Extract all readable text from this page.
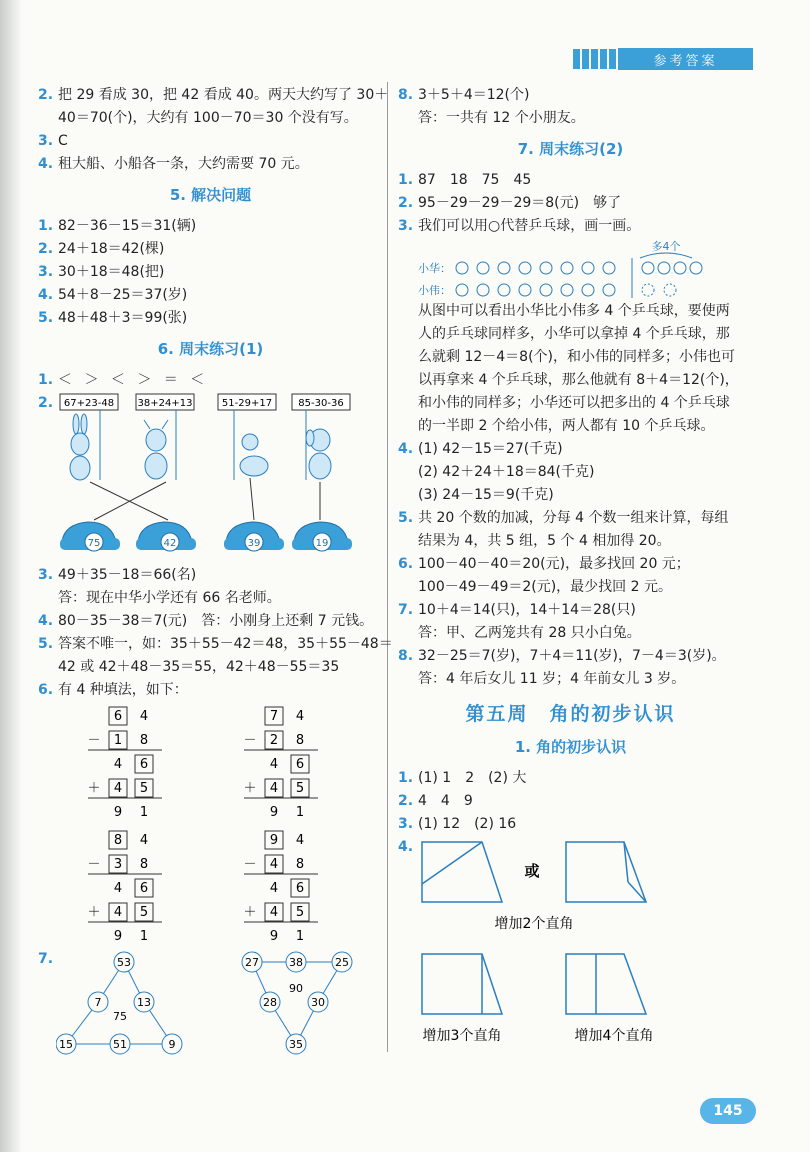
参考答案
2. 把 29 看成 30，把 42 看成 40。两天大约写了 30＋
40＝70(个)，大约有 100－70＝30 个没有写。
3. C
4. 租大船、小船各一条，大约需要 70 元。
5. 解决问题
1. 82－36－15＝31(辆)
2. 24＋18＝42(棵)
3. 30＋18＝48(把)
4. 54＋8－25＝37(岁)
5. 48＋48＋3＝99(张)
6. 周末练习(1)
1. ＜ ＞ ＜ ＞ ＝ ＜
2. 67+23-48 38+24+13	51-29+17	85-30-36
75	42	39	19
3. 49＋35－18＝66(名)
答：现在中华小学还有 66 名老师。
4. 80－35－38＝7(元)　答：小刚身上还剩 7 元钱。
5. 答案不唯一，如：35＋55－42＝48，35＋55－48＝
42 或 42＋48－35＝55，42＋48－55＝35
6. 有 4 种填法，如下：
6 4
－ 1 8
4 6
＋ 4 5
9 1
7 4
－ 2 8
4 6
＋ 4 5
9 1
8 4
－ 3 8
4 6
＋ 4 5
9 1
9 4
－ 4 8
4 6
＋ 4 5
9 1
7.	53
7	13
15	51	9
75
27	38	25
28	30
35
90
8. 3＋5＋4＝12(个)
答：一共有 12 个小朋友。
7. 周末练习(2)
1. 87　18　75　45
2. 95－29－29－29＝8(元)　够了
3. 我们可以用○代替乒乓球，画一画。
多4个
小华：
小伟：
从图中可以看出小华比小伟多 4 个乒乓球，要使两人的乒乓球同样多，小华可以拿掉 4 个乒乓球，那么就剩 12－4＝8(个)，和小伟的同样多；小伟也可以再拿来 4 个乒乓球，那么他就有 8＋4＝12(个)，和小伟的同样多；小华还可以把多出的 4 个乒乓球的一半即 2 个给小伟，两人都有 10 个乒乓球。
4. (1) 42－15＝27(千克)
(2) 42＋24＋18＝84(千克)
(3) 24－15＝9(千克)
5. 共 20 个数的加减，分每 4 个数一组来计算，每组
结果为 4，共 5 组，5 个 4 相加得 20。
6. 100－40－40＝20(元)，最多找回 20 元；
100－49－49＝2(元)，最少找回 2 元。
7. 10＋4＝14(只)，14＋14＝28(只)
答：甲、乙两笼共有 28 只小白兔。
8. 32－25＝7(岁)，7＋4＝11(岁)，7－4＝3(岁)。
答：4 年后女儿 11 岁；4 年前女儿 3 岁。
第五周　角的初步认识
1. 角的初步认识
1. (1) 1　2　(2) 大
2. 4　4　9
3. (1) 12　(2) 16
4.
或
增加2个直角
增加3个直角	增加4个直角
145
